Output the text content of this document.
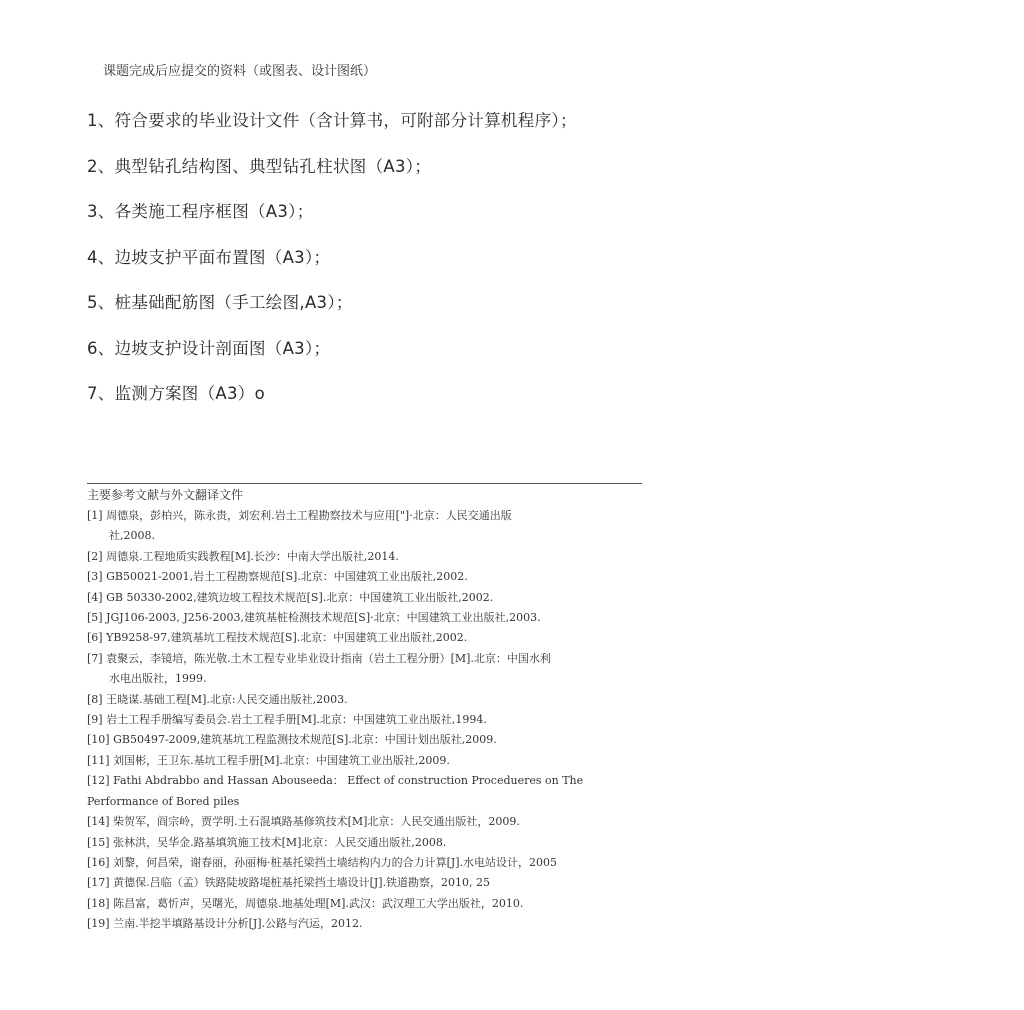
课题完成后应提交的资料（或图表、设计图纸）
1、符合要求的毕业设计文件（含计算书，可附部分计算机程序）；
2、典型钻孔结构图、典型钻孔柱状图（A3）；
3、各类施工程序框图（A3）；
4、边坡支护平面布置图（A3）；
5、桩基础配筋图（手工绘图,A3）；
6、边坡支护设计剖面图（A3）；
7、监测方案图（A3）o
主要参考文献与外文翻译文件
[1] 周德泉，彭柏兴，陈永贵，刘宏利.岩土工程勘察技术与应用["]·北京：人民交通出版
社,2008.
[2] 周德泉.工程地质实践教程[M].长沙：中南大学出版社,2014.
[3] GB50021-2001,岩土工程勘察规范[S].北京：中国建筑工业出版社,2002.
[4] GB 50330-2002,建筑边坡工程技术规范[S].北京：中国建筑工业出版社,2002.
[5] JGJ106-2003, J256-2003,建筑基桩检测技术规范[S]·北京：中国建筑工业出版社,2003.
[6] YB9258-97,建筑基坑工程技术规范[S].北京：中国建筑工业出版社,2002.
[7] 袁聚云，李镜培，陈光敬.土木工程专业毕业设计指南（岩土工程分册）[M].北京：中国水利
水电出版社，1999.
[8] 王晓谋.基础工程[M].北京:人民交通出版社,2003.
[9] 岩土工程手册编写委员会.岩土工程手册[M].北京：中国建筑工业出版社,1994.
[10] GB50497-2009,建筑基坑工程监测技术规范[S].北京：中国计划出版社,2009.
[11] 刘国彬，王卫东.基坑工程手册[M].北京：中国建筑工业出版社,2009.
[12] Fathi Abdrabbo and Hassan Abouseeda： Effect of construction Procedueres on The Performance of Bored piles
[14] 柴贺军，阎宗岭，贾学明.土石混填路基修筑技术[M]北京：人民交通出版社，2009.
[15] 张林洪，吴华金.路基填筑施工技术[M]北京：人民交通出版社,2008.
[16] 刘黎，何昌荣，谢春丽，孙丽梅·桩基托梁挡土墙结构内力的合力计算[J].水电站设计，2005
[17] 黄德保.吕临（孟）铁路陡坡路堤桩基托梁挡土墙设计[J].铁道勘察，2010, 25
[18] 陈昌富，葛忻声，吴曙光，周德泉.地基处理[M].武汉：武汉理工大学出版社，2010.
[19] 兰南.半挖半填路基设计分析[J].公路与汽运，2012.
